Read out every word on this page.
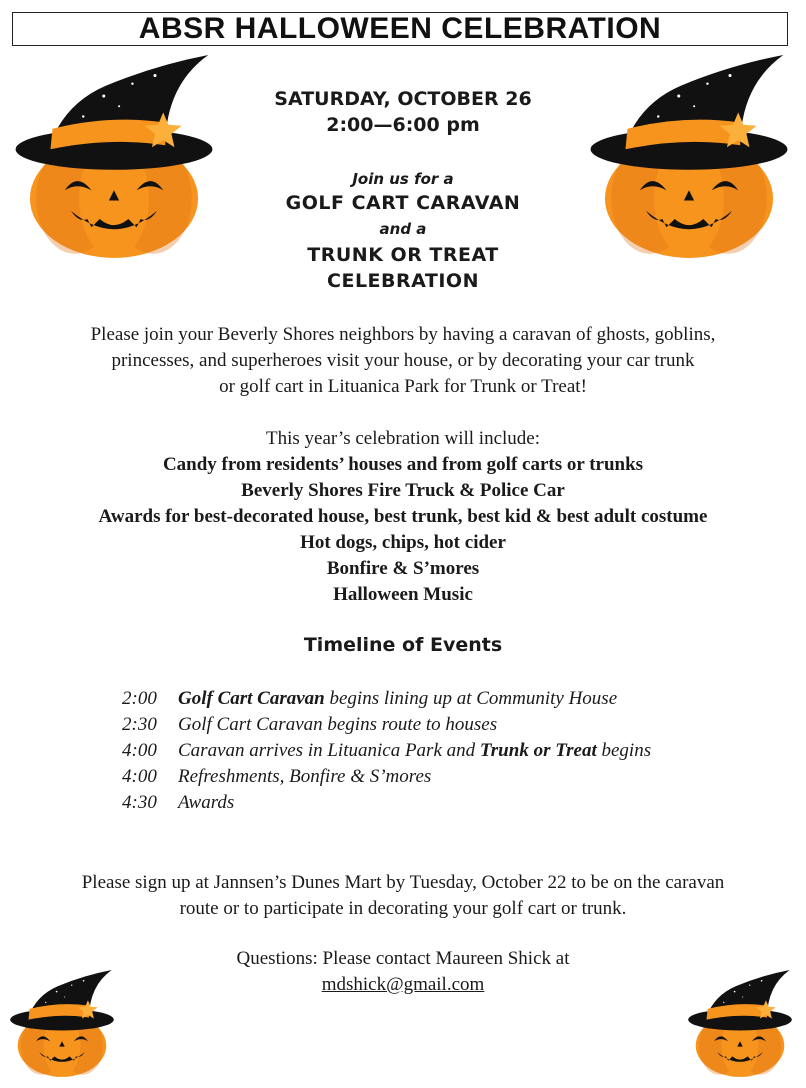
ABSR HALLOWEEN CELEBRATION
SATURDAY, OCTOBER 26
2:00—6:00 pm
Join us for a
GOLF CART CARAVAN
and a
TRUNK OR TREAT
CELEBRATION
Please join your Beverly Shores neighbors by having a caravan of ghosts, goblins,
princesses, and superheroes visit your house, or by decorating your car trunk
or golf cart in Lituanica Park for Trunk or Treat!
This year’s celebration will include:
Candy from residents’ houses and from golf carts or trunks
Beverly Shores Fire Truck & Police Car
Awards for best-decorated house, best trunk, best kid & best adult costume
Hot dogs, chips, hot cider
Bonfire & S’mores
Halloween Music
Timeline of Events
2:00	Golf Cart Caravan begins lining up at Community House
2:30	Golf Cart Caravan begins route to houses
4:00	Caravan arrives in Lituanica Park and Trunk or Treat begins
4:00	Refreshments, Bonfire & S’mores
4:30	Awards
Please sign up at Jannsen’s Dunes Mart by Tuesday, October 22 to be on the caravan
route or to participate in decorating your golf cart or trunk.
Questions: Please contact Maureen Shick at
mdshick@gmail.com
